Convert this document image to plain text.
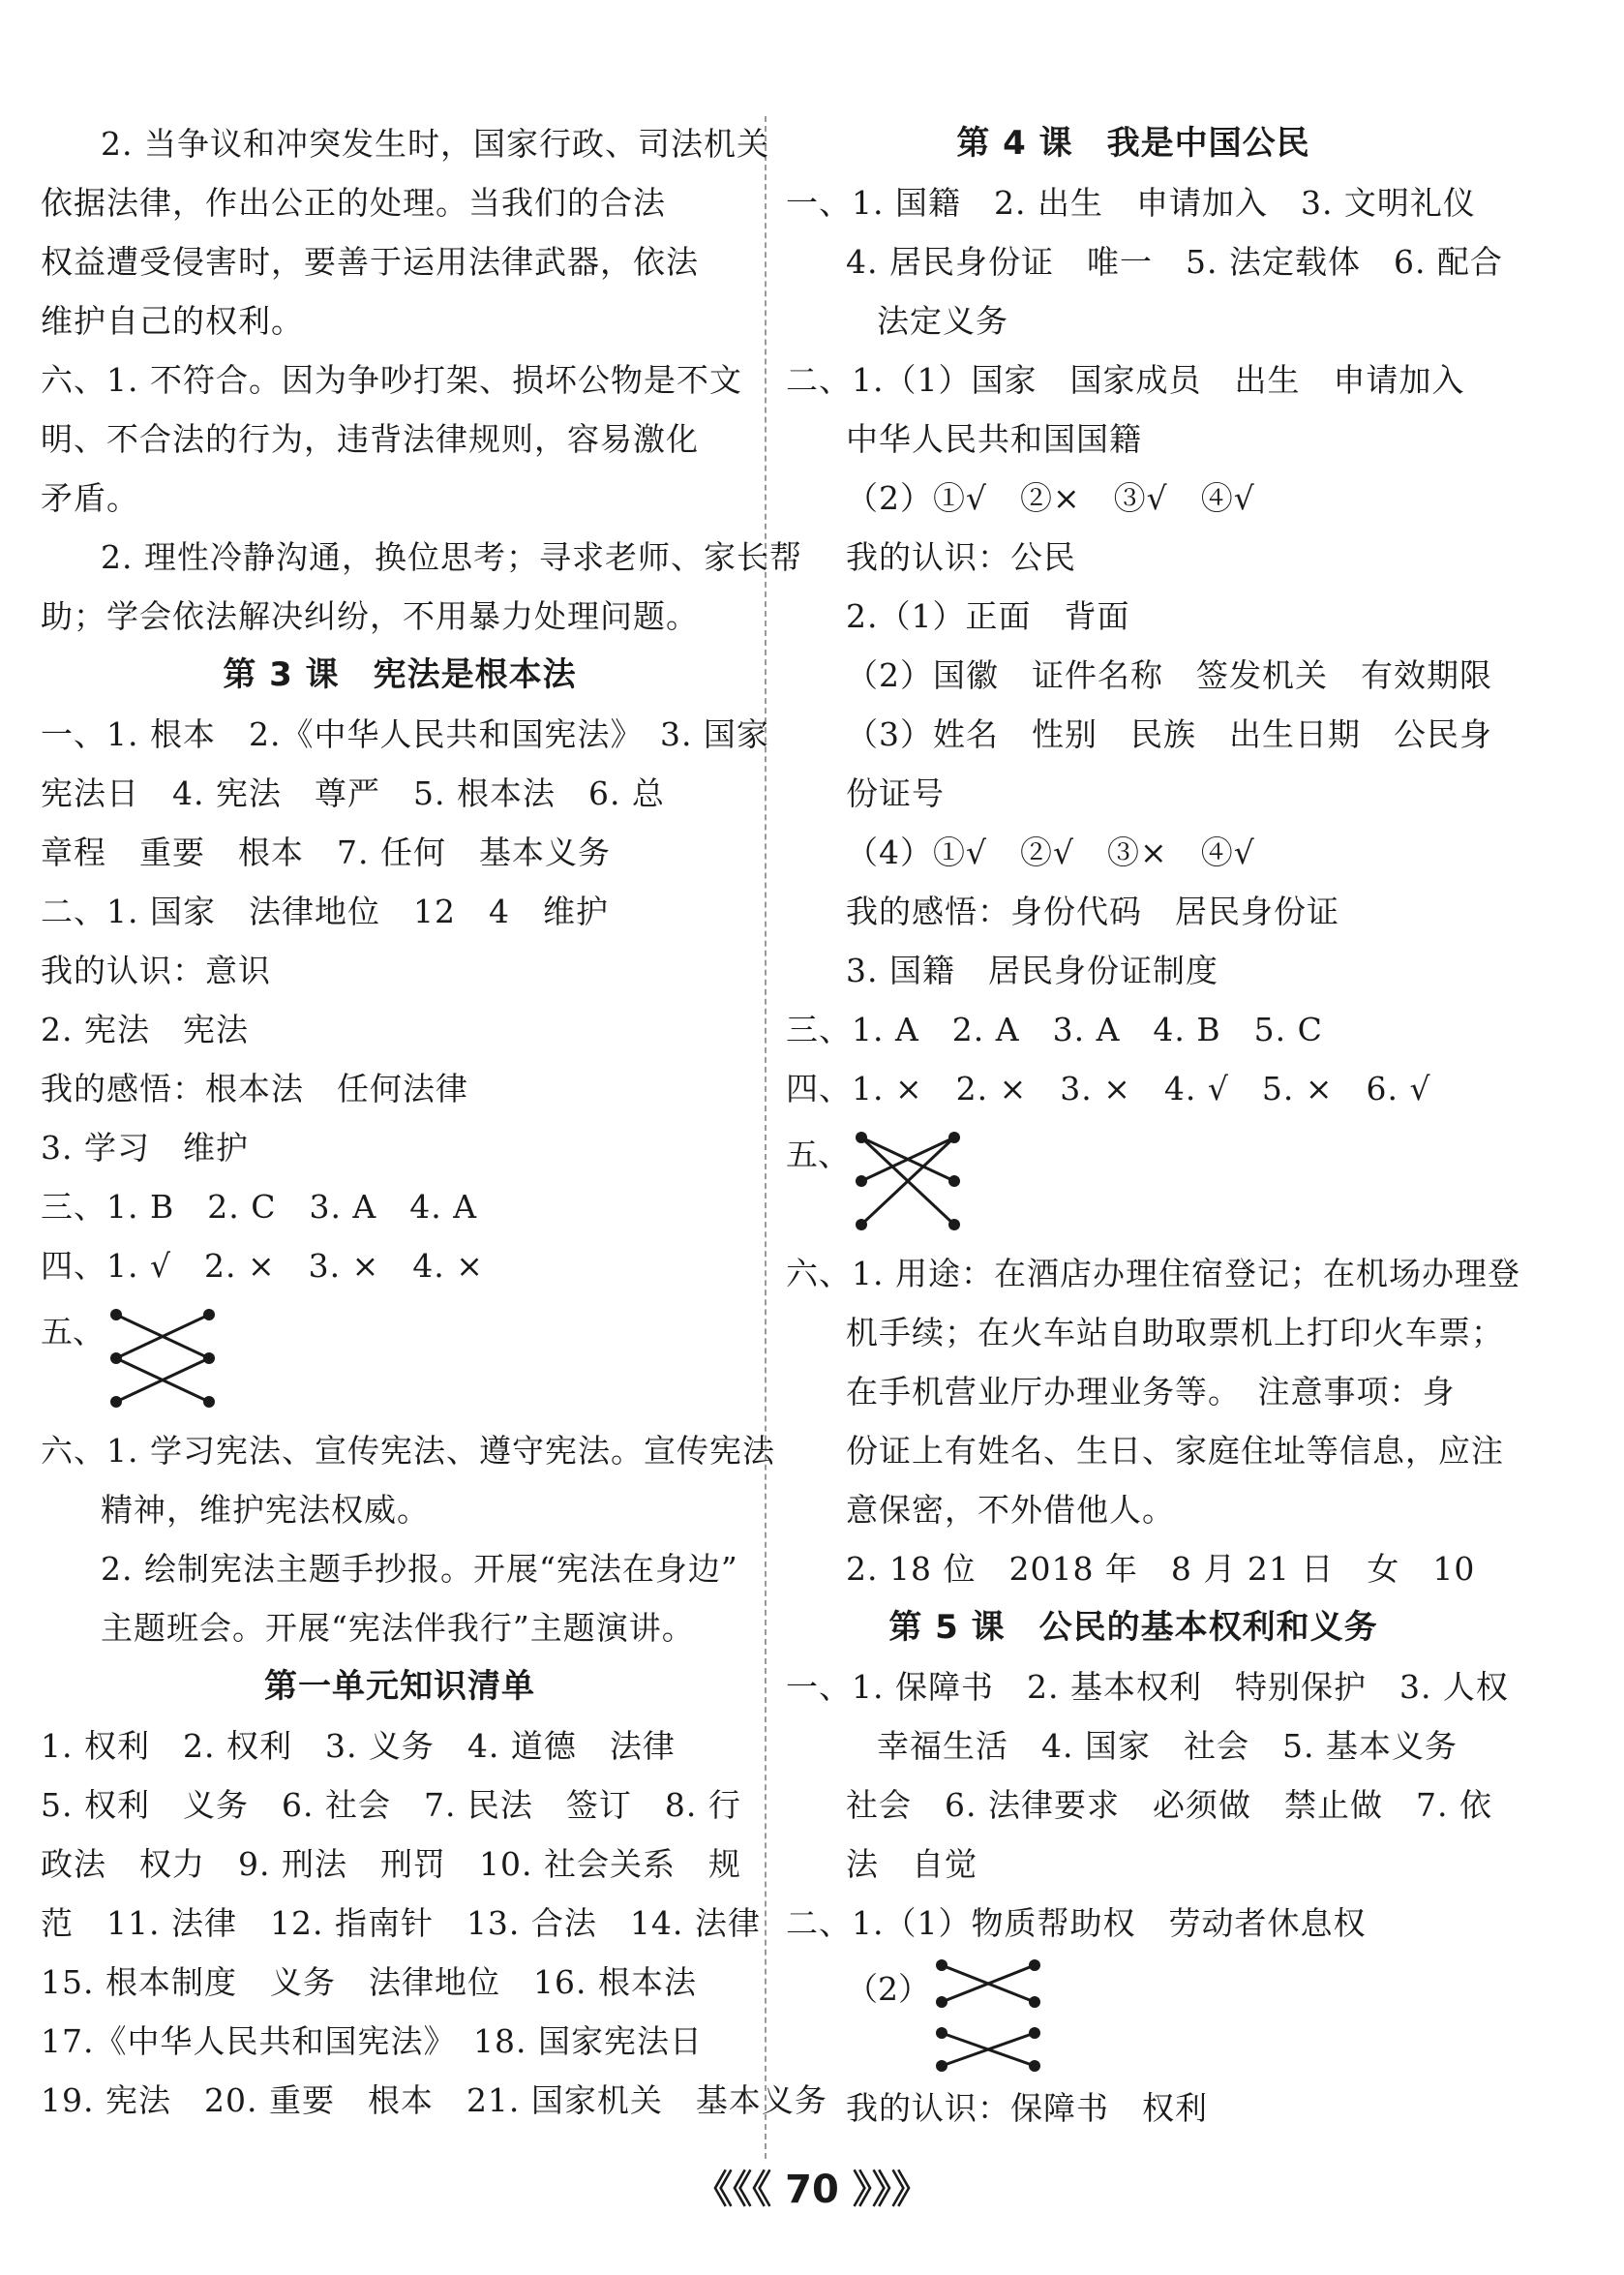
2. 当争议和冲突发生时，国家行政、司法机关
依据法律，作出公正的处理。当我们的合法
权益遭受侵害时，要善于运用法律武器，依法
维护自己的权利。
六、1. 不符合。因为争吵打架、损坏公物是不文
明、不合法的行为，违背法律规则，容易激化
矛盾。
2. 理性冷静沟通，换位思考；寻求老师、家长帮
助；学会依法解决纠纷，不用暴力处理问题。
第 3 课　宪法是根本法
一、1. 根本　2.《中华人民共和国宪法》　3. 国家
宪法日　4. 宪法　尊严　5. 根本法　6. 总
章程　重要　根本　7. 任何　基本义务
二、1. 国家　法律地位　12　4　维护
我的认识：意识
2. 宪法　宪法
我的感悟：根本法　任何法律
3. 学习　维护
三、1. B　2. C　3. A　4. A
四、1. √　2. ×　3. ×　4. ×
五、
六、1. 学习宪法、宣传宪法、遵守宪法。宣传宪法
精神，维护宪法权威。
2. 绘制宪法主题手抄报。开展“宪法在身边”
主题班会。开展“宪法伴我行”主题演讲。
第一单元知识清单
1. 权利　2. 权利　3. 义务　4. 道德　法律
5. 权利　义务　6. 社会　7. 民法　签订　8. 行
政法　权力　9. 刑法　刑罚　10. 社会关系　规
范　11. 法律　12. 指南针　13. 合法　14. 法律
15. 根本制度　义务　法律地位　16. 根本法
17.《中华人民共和国宪法》　18. 国家宪法日
19. 宪法　20. 重要　根本　21. 国家机关　基本义务
第 4 课　我是中国公民
一、1. 国籍　2. 出生　申请加入　3. 文明礼仪
4. 居民身份证　唯一　5. 法定载体　6. 配合
法定义务
二、1.（1）国家　国家成员　出生　申请加入
中华人民共和国国籍
（2）①√　②×　③√　④√
我的认识：公民
2.（1）正面　背面
（2）国徽　证件名称　签发机关　有效期限
（3）姓名　性别　民族　出生日期　公民身
份证号
（4）①√　②√　③×　④√
我的感悟：身份代码　居民身份证
3. 国籍　居民身份证制度
三、1. A　2. A　3. A　4. B　5. C
四、1. ×　2. ×　3. ×　4. √　5. ×　6. √
五、
六、1. 用途：在酒店办理住宿登记；在机场办理登
机手续；在火车站自助取票机上打印火车票；
在手机营业厅办理业务等。　注意事项：身
份证上有姓名、生日、家庭住址等信息，应注
意保密，不外借他人。
2. 18 位　2018 年　8 月 21 日　女　10
第 5 课　公民的基本权利和义务
一、1. 保障书　2. 基本权利　特别保护　3. 人权
幸福生活　4. 国家　社会　5. 基本义务
社会　6. 法律要求　必须做　禁止做　7. 依
法　自觉
二、1.（1）物质帮助权　劳动者休息权
（2）
我的认识：保障书　权利
《《《 70 》》》
